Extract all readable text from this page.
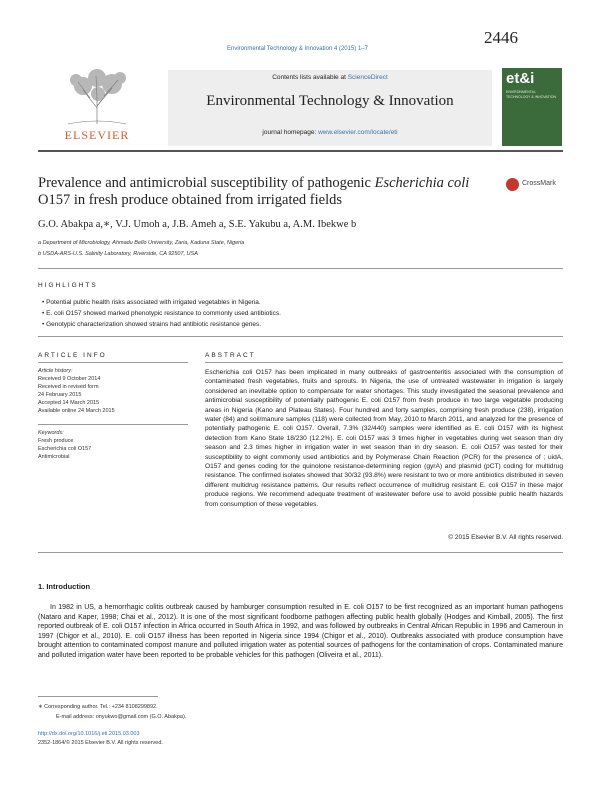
2446
Environmental Technology & Innovation 4 (2015) 1–7
ELSEVIER
Contents lists available at ScienceDirect
Environmental Technology & Innovation
journal homepage: www.elsevier.com/locate/eti
et&i
ENVIRONMENTAL TECHNOLOGY & INNOVATION
Prevalence and antimicrobial susceptibility of pathogenic Escherichia coli O157 in fresh produce obtained from irrigated fields
CrossMark
G.O. Abakpa a,∗, V.J. Umoh a, J.B. Ameh a, S.E. Yakubu a, A.M. Ibekwe b
a Department of Microbiology, Ahmadu Bello University, Zaria, Kaduna State, Nigeria
b USDA-ARS-U.S. Salinity Laboratory, Riverside, CA 92507, USA
HIGHLIGHTS
• Potential public health risks associated with irrigated vegetables in Nigeria.
• E. coli O157 showed marked phenotypic resistance to commonly used antibiotics.
• Genotypic characterization showed strains had antibiotic resistance genes.
ARTICLE INFO
Article history:
Received 9 October 2014
Received in revised form
24 February 2015
Accepted 14 March 2015
Available online 24 March 2015
Keywords:
Fresh produce
Escherichia coli O157
Antimicrobial
ABSTRACT
Escherichia coli O157 has been implicated in many outbreaks of gastroenteritis associated with the consumption of contaminated fresh vegetables, fruits and sprouts. In Nigeria, the use of untreated wastewater in irrigation is largely considered an inevitable option to compensate for water shortages. This study investigated the seasonal prevalence and antimicrobial susceptibility of potentially pathogenic E. coli O157 from fresh produce in two large vegetable producing areas in Nigeria (Kano and Plateau States). Four hundred and forty samples, comprising fresh produce (238), irrigation water (84) and soil/manure samples (118) were collected from May, 2010 to March 2011, and analyzed for the presence of potentially pathogenic E. coli O157. Overall, 7.3% (32/440) samples were identified as E. coli O157 with its highest detection from Kano State 18/230 (12.2%). E. coli O157 was 3 times higher in vegetables during wet season than dry season and 2.3 times higher in irrigation water in wet season than in dry season. E. coli O157 was tested for their susceptibility to eight commonly used antibiotics and by Polymerase Chain Reaction (PCR) for the presence of ; uidA, O157 and genes coding for the quinolone resistance-determining region (gyrA) and plasmid (pCT) coding for multidrug resistance. The confirmed isolates showed that 30/32 (93.8%) were resistant to two or more antibiotics distributed in seven different multidrug resistance patterns. Our results reflect occurrence of multidrug resistant E. coli O157 in these major produce regions. We recommend adequate treatment of wastewater before use to avoid possible public health hazards from consumption of these vegetables.
© 2015 Elsevier B.V. All rights reserved.
1. Introduction
In 1982 in US, a hemorrhagic colitis outbreak caused by hamburger consumption resulted in E. coli O157 to be first recognized as an important human pathogens (Nataro and Kaper, 1998; Chai et al., 2012). It is one of the most significant foodborne pathogen affecting public health globally (Hodges and Kimball, 2005). The first reported outbreak of E. coli O157 infection in Africa occurred in South Africa in 1992, and was followed by outbreaks in Central African Republic in 1996 and Cameroun in 1997 (Chigor et al., 2010). E. coli O157 illness has been reported in Nigeria since 1994 (Chigor et al., 2010). Outbreaks associated with produce consumption have brought attention to contaminated compost manure and polluted irrigation water as potential sources of pathogens for the contamination of crops. Contaminated manure and polluted irrigation water have been reported to be probable vehicles for this pathogen (Oliveira et al., 2011).
∗ Corresponding author. Tel.: +234 8108299892.
E-mail address: onyukwo@gmail.com (G.O. Abakpa).
http://dx.doi.org/10.1016/j.eti.2015.03.003
2352-1864/© 2015 Elsevier B.V. All rights reserved.
